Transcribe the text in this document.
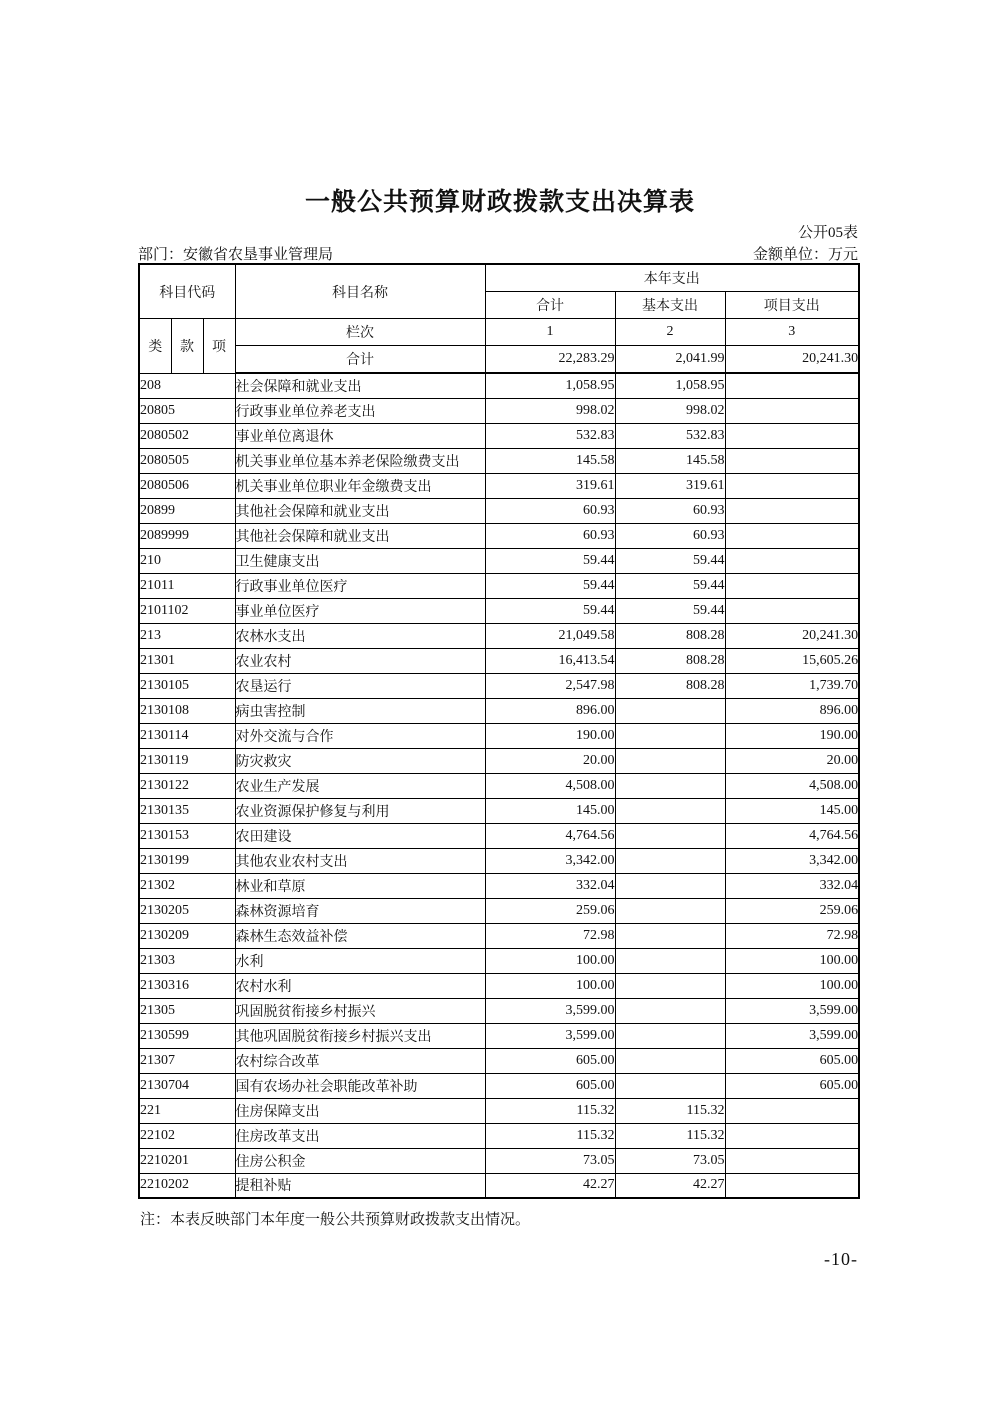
一般公共预算财政拨款支出决算表
公开05表
部门：安徽省农垦事业管理局	金额单位：万元
科目代码			科目名称	本年支出		
				合计	基本支出	项目支出
类	款	项	栏次	1	2	3
			合计	22,283.29	2,041.99	20,241.30
208			社会保障和就业支出	1,058.95	1,058.95	
20805			行政事业单位养老支出	998.02	998.02	
2080502			事业单位离退休	532.83	532.83	
2080505			机关事业单位基本养老保险缴费支出	145.58	145.58	
2080506			机关事业单位职业年金缴费支出	319.61	319.61	
20899			其他社会保障和就业支出	60.93	60.93	
2089999			其他社会保障和就业支出	60.93	60.93	
210			卫生健康支出	59.44	59.44	
21011			行政事业单位医疗	59.44	59.44	
2101102			事业单位医疗	59.44	59.44	
213			农林水支出	21,049.58	808.28	20,241.30
21301			农业农村	16,413.54	808.28	15,605.26
2130105			农垦运行	2,547.98	808.28	1,739.70
2130108			病虫害控制	896.00		896.00
2130114			对外交流与合作	190.00		190.00
2130119			防灾救灾	20.00		20.00
2130122			农业生产发展	4,508.00		4,508.00
2130135			农业资源保护修复与利用	145.00		145.00
2130153			农田建设	4,764.56		4,764.56
2130199			其他农业农村支出	3,342.00		3,342.00
21302			林业和草原	332.04		332.04
2130205			森林资源培育	259.06		259.06
2130209			森林生态效益补偿	72.98		72.98
21303			水利	100.00		100.00
2130316			农村水利	100.00		100.00
21305			巩固脱贫衔接乡村振兴	3,599.00		3,599.00
2130599			其他巩固脱贫衔接乡村振兴支出	3,599.00		3,599.00
21307			农村综合改革	605.00		605.00
2130704			国有农场办社会职能改革补助	605.00		605.00
221			住房保障支出	115.32	115.32	
22102			住房改革支出	115.32	115.32	
2210201			住房公积金	73.05	73.05	
2210202			提租补贴	42.27	42.27	
注：本表反映部门本年度一般公共预算财政拨款支出情况。
-10-
